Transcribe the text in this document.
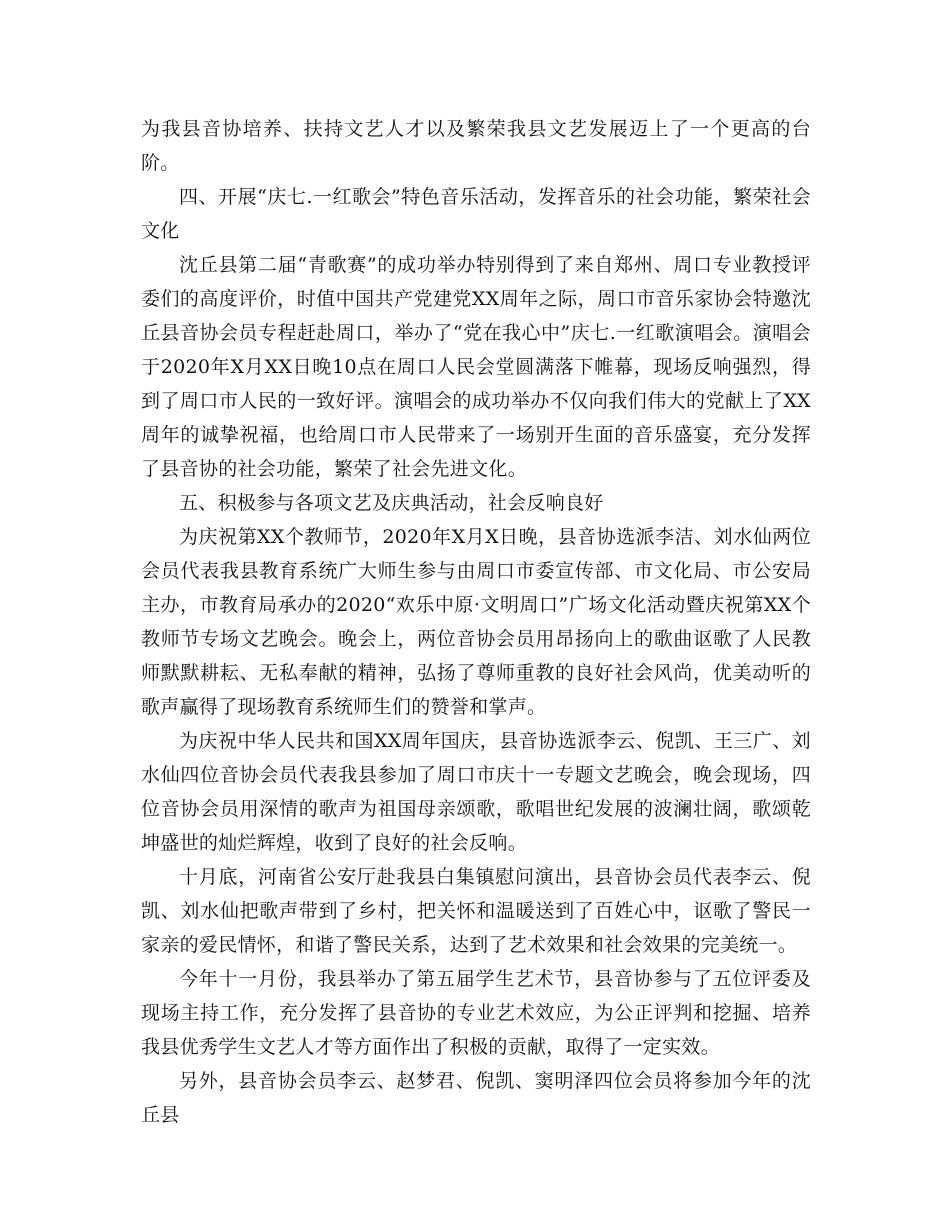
为我县音协培养、扶持文艺人才以及繁荣我县文艺发展迈上了一个更高的台阶。

四、开展“庆七.一红歌会”特色音乐活动，发挥音乐的社会功能，繁荣社会文化

沈丘县第二届“青歌赛”的成功举办特别得到了来自郑州、周口专业教授评委们的高度评价，时值中国共产党建党XX周年之际，周口市音乐家协会特邀沈丘县音协会员专程赶赴周口，举办了“党在我心中”庆七.一红歌演唱会。演唱会于2020年X月XX日晚10点在周口人民会堂圆满落下帷幕，现场反响强烈，得到了周口市人民的一致好评。演唱会的成功举办不仅向我们伟大的党献上了XX周年的诚挚祝福，也给周口市人民带来了一场别开生面的音乐盛宴，充分发挥了县音协的社会功能，繁荣了社会先进文化。

五、积极参与各项文艺及庆典活动，社会反响良好

为庆祝第XX个教师节，2020年X月X日晚，县音协选派李洁、刘水仙两位会员代表我县教育系统广大师生参与由周口市委宣传部、市文化局、市公安局主办，市教育局承办的2020“欢乐中原·文明周口”广场文化活动暨庆祝第XX个教师节专场文艺晚会。晚会上，两位音协会员用昂扬向上的歌曲讴歌了人民教师默默耕耘、无私奉献的精神，弘扬了尊师重教的良好社会风尚，优美动听的歌声赢得了现场教育系统师生们的赞誉和掌声。

为庆祝中华人民共和国XX周年国庆，县音协选派李云、倪凯、王三广、刘水仙四位音协会员代表我县参加了周口市庆十一专题文艺晚会，晚会现场，四位音协会员用深情的歌声为祖国母亲颂歌，歌唱世纪发展的波澜壮阔，歌颂乾坤盛世的灿烂辉煌，收到了良好的社会反响。

十月底，河南省公安厅赴我县白集镇慰问演出，县音协会员代表李云、倪凯、刘水仙把歌声带到了乡村，把关怀和温暖送到了百姓心中，讴歌了警民一家亲的爱民情怀，和谐了警民关系，达到了艺术效果和社会效果的完美统一。

今年十一月份，我县举办了第五届学生艺术节，县音协参与了五位评委及现场主持工作，充分发挥了县音协的专业艺术效应，为公正评判和挖掘、培养我县优秀学生文艺人才等方面作出了积极的贡献，取得了一定实效。

另外，县音协会员李云、赵梦君、倪凯、窦明泽四位会员将参加今年的沈丘县
